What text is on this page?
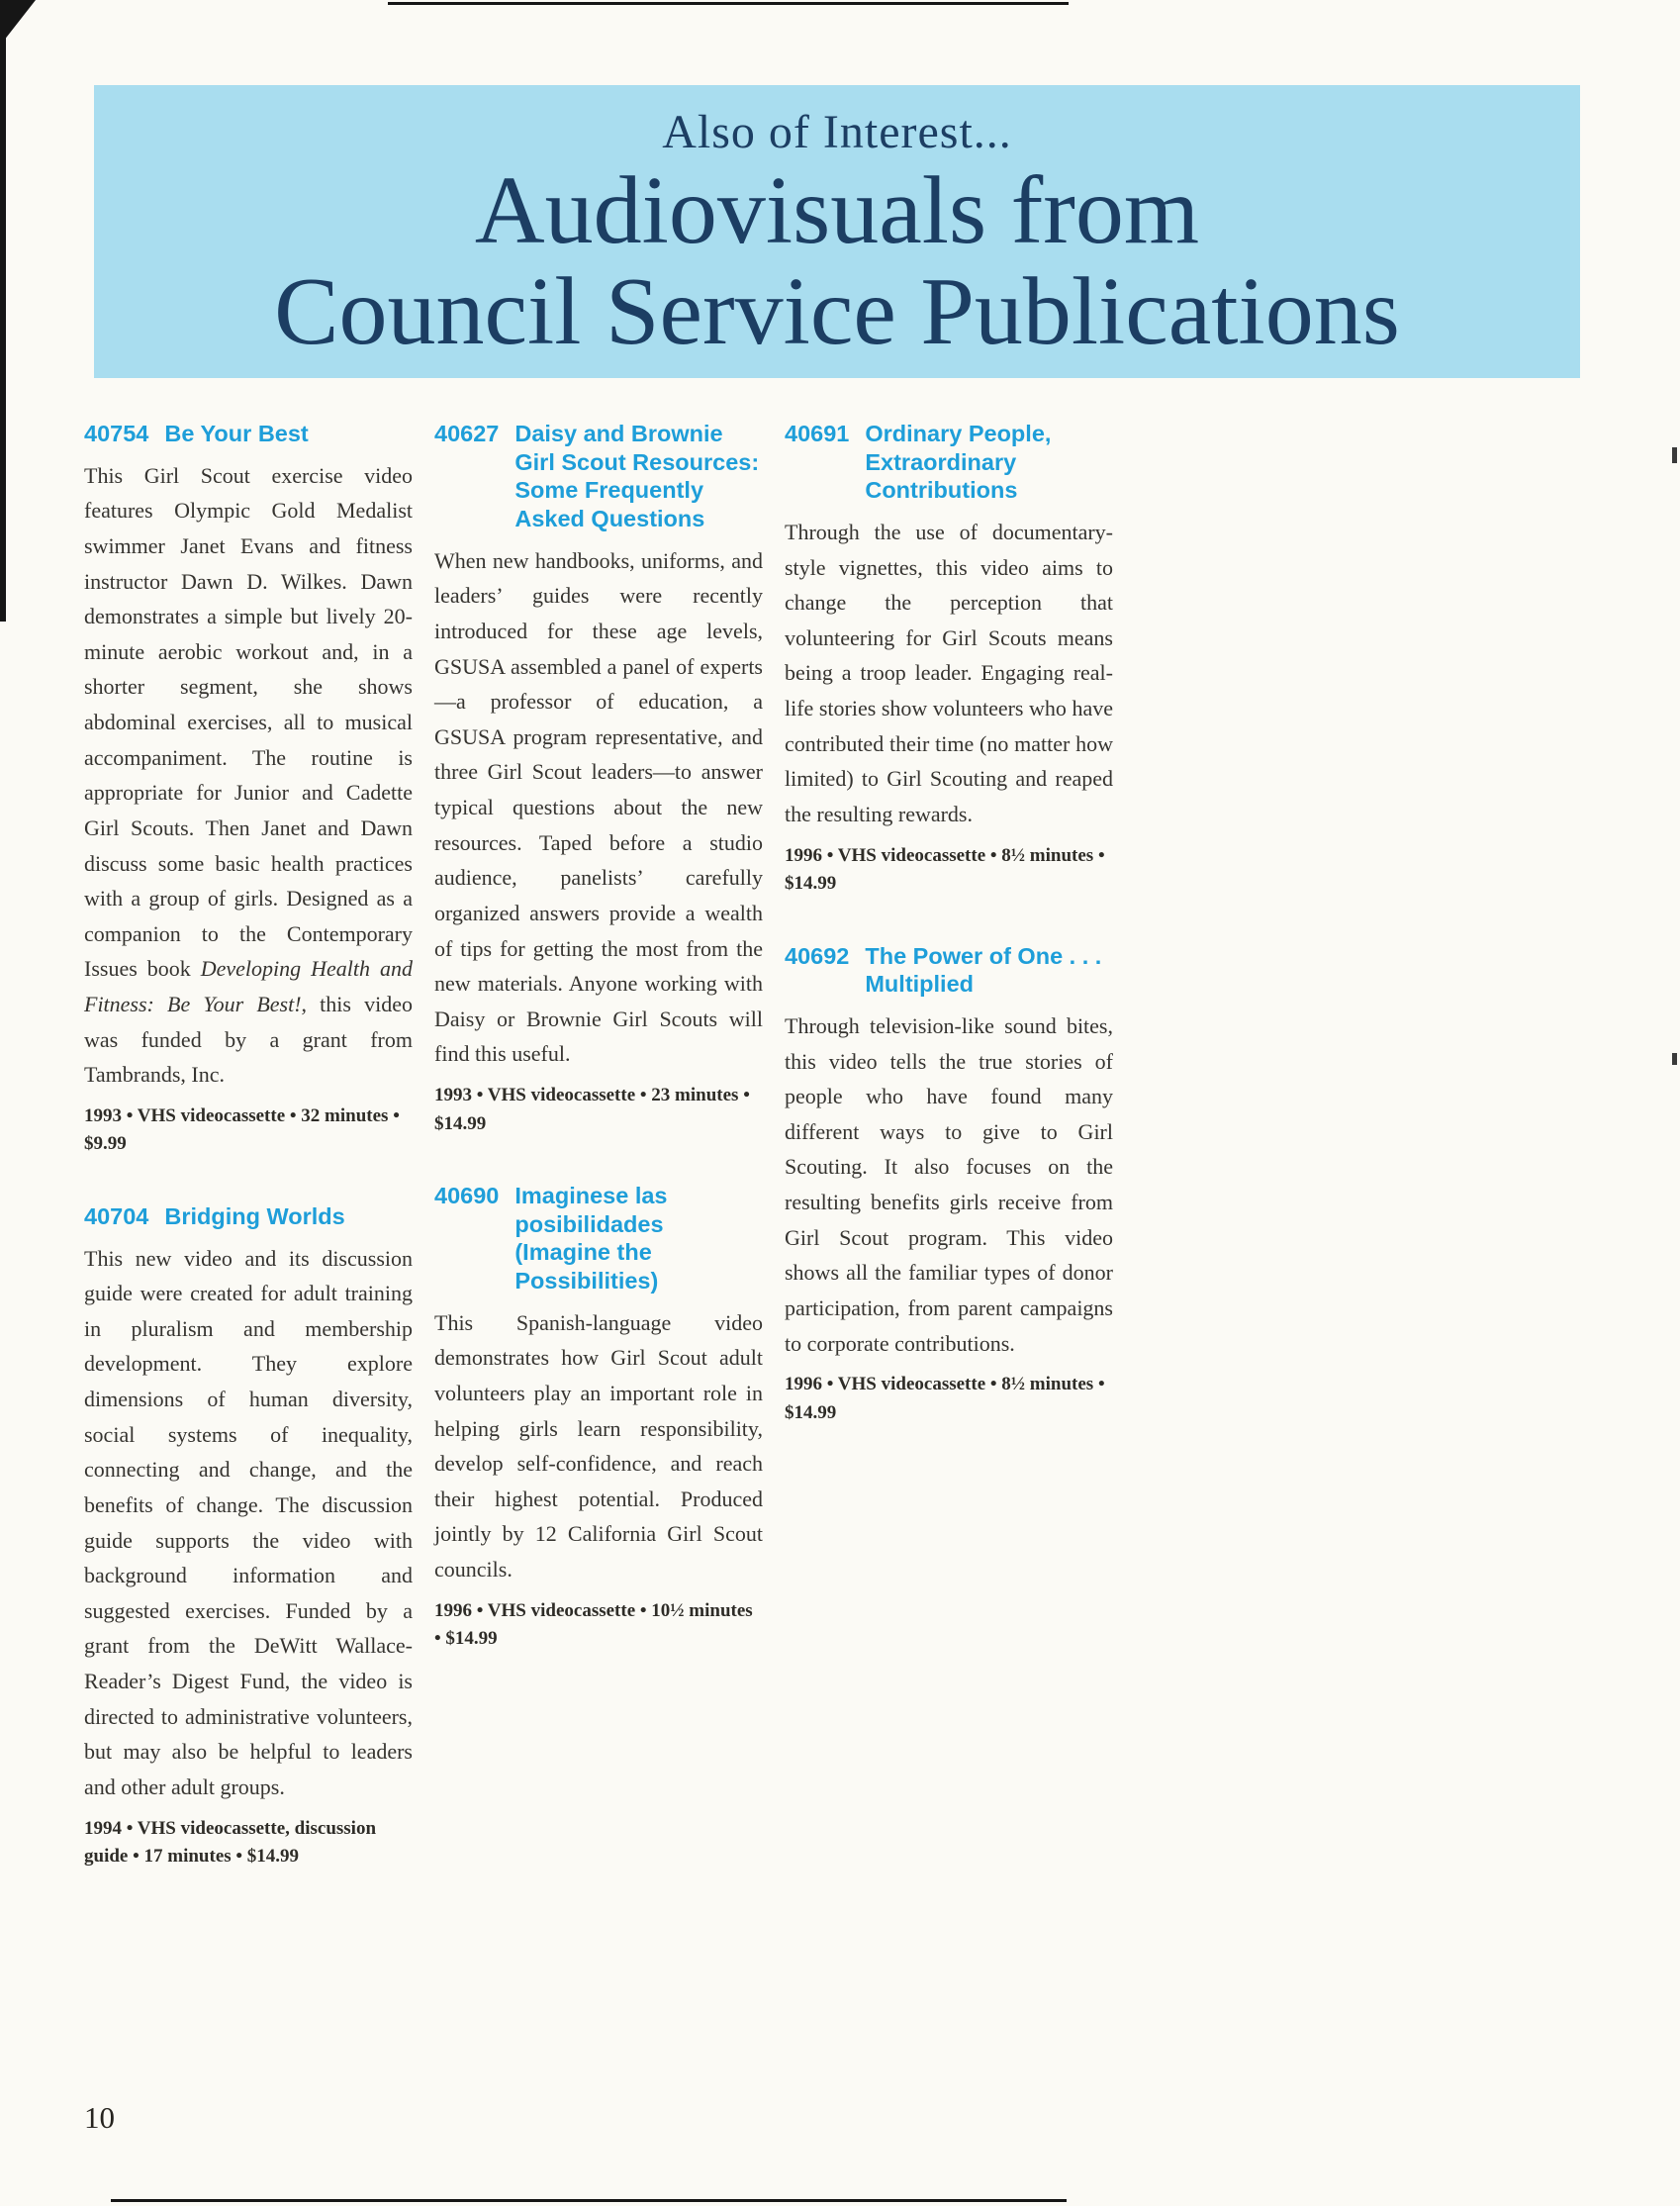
Also of Interest...
Audiovisuals from
Council Service Publications
40754 Be Your Best

This Girl Scout exercise video features Olympic Gold Medalist swimmer Janet Evans and fitness instructor Dawn D. Wilkes. Dawn demonstrates a simple but lively 20-minute aerobic workout and, in a shorter segment, she shows abdominal exercises, all to musical accompaniment. The routine is appropriate for Junior and Cadette Girl Scouts. Then Janet and Dawn discuss some basic health practices with a group of girls. Designed as a companion to the Contemporary Issues book Developing Health and Fitness: Be Your Best!, this video was funded by a grant from Tambrands, Inc.

1993 • VHS videocassette • 32 minutes • $9.99
40704 Bridging Worlds

This new video and its discussion guide were created for adult training in pluralism and membership development. They explore dimensions of human diversity, social systems of inequality, connecting and change, and the benefits of change. The discussion guide supports the video with background information and suggested exercises. Funded by a grant from the DeWitt Wallace-Reader’s Digest Fund, the video is directed to administrative volunteers, but may also be helpful to leaders and other adult groups.

1994 • VHS videocassette, discussion guide • 17 minutes • $14.99
40627 Daisy and Brownie Girl Scout Resources: Some Frequently Asked Questions

When new handbooks, uniforms, and leaders’ guides were recently introduced for these age levels, GSUSA assembled a panel of experts—a professor of education, a GSUSA program representative, and three Girl Scout leaders—to answer typical questions about the new resources. Taped before a studio audience, panelists’ carefully organized answers provide a wealth of tips for getting the most from the new materials. Anyone working with Daisy or Brownie Girl Scouts will find this useful.

1993 • VHS videocassette • 23 minutes • $14.99
40690 Imaginese las posibilidades (Imagine the Possibilities)

This Spanish-language video demonstrates how Girl Scout adult volunteers play an important role in helping girls learn responsibility, develop self-confidence, and reach their highest potential. Produced jointly by 12 California Girl Scout councils.

1996 • VHS videocassette • 10½ minutes • $14.99
40691 Ordinary People, Extraordinary Contributions

Through the use of documentary-style vignettes, this video aims to change the perception that volunteering for Girl Scouts means being a troop leader. Engaging real-life stories show volunteers who have contributed their time (no matter how limited) to Girl Scouting and reaped the resulting rewards.

1996 • VHS videocassette • 8½ minutes • $14.99
40692 The Power of One . . . Multiplied

Through television-like sound bites, this video tells the true stories of people who have found many different ways to give to Girl Scouting. It also focuses on the resulting benefits girls receive from Girl Scout program. This video shows all the familiar types of donor participation, from parent campaigns to corporate contributions.

1996 • VHS videocassette • 8½ minutes • $14.99
10
